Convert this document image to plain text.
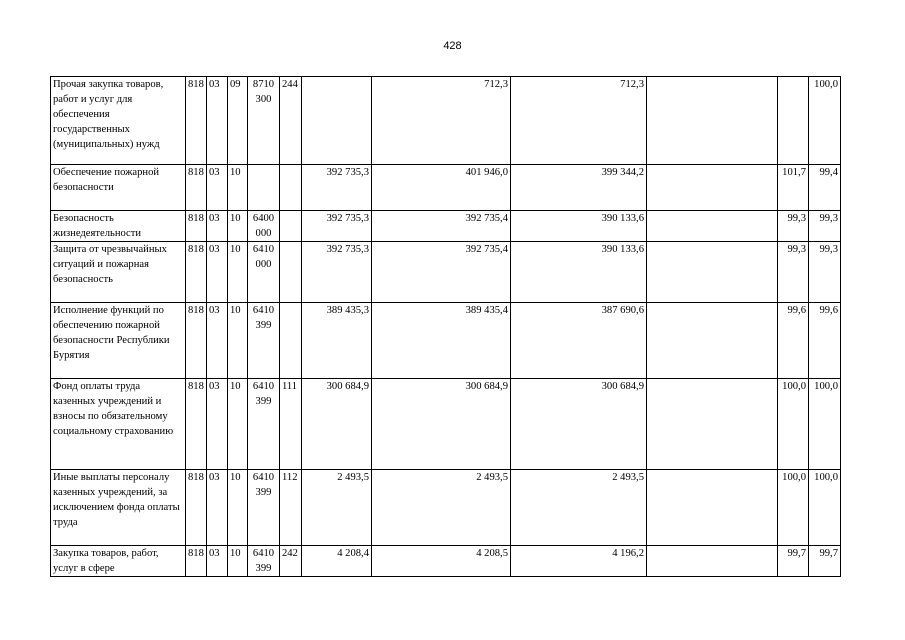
428
Прочая закупка товаров, работ и услуг для обеспечения государственных (муниципальных) нужд	818	03	09	8710 300	244		712,3	712,3			100,0
Обеспечение пожарной безопасности	818	03	10			392 735,3	401 946,0	399 344,2		101,7	99,4
Безопасность жизнедеятельности	818	03	10	6400 000		392 735,3	392 735,4	390 133,6		99,3	99,3
Защита от чрезвычайных ситуаций и пожарная безопасность	818	03	10	6410 000		392 735,3	392 735,4	390 133,6		99,3	99,3
Исполнение функций по обеспечению пожарной безопасности Республики Бурятия	818	03	10	6410 399		389 435,3	389 435,4	387 690,6		99,6	99,6
Фонд оплаты труда казенных учреждений и взносы по обязательному социальному страхованию	818	03	10	6410 399	111	300 684,9	300 684,9	300 684,9		100,0	100,0
Иные выплаты персоналу казенных учреждений, за исключением фонда оплаты труда	818	03	10	6410 399	112	2 493,5	2 493,5	2 493,5		100,0	100,0
Закупка товаров, работ, услуг в сфере	818	03	10	6410 399	242	4 208,4	4 208,5	4 196,2		99,7	99,7
